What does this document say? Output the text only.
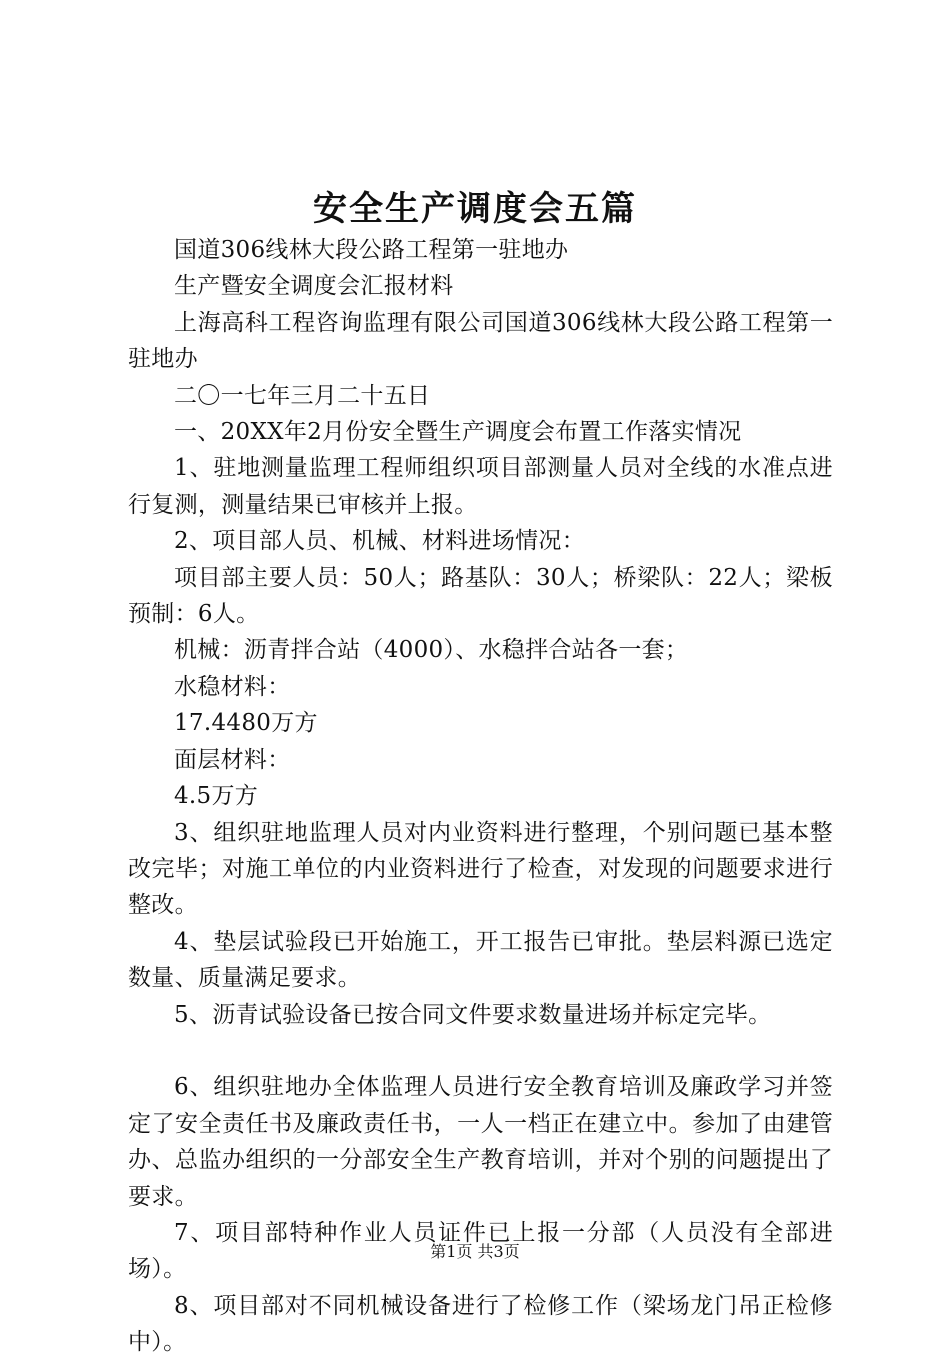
安全生产调度会五篇

国道306线林大段公路工程第一驻地办

生产暨安全调度会汇报材料

上海高科工程咨询监理有限公司国道306线林大段公路工程第一驻地办

二〇一七年三月二十五日

一、20XX年2月份安全暨生产调度会布置工作落实情况

1、驻地测量监理工程师组织项目部测量人员对全线的水准点进行复测，测量结果已审核并上报。

2、项目部人员、机械、材料进场情况：

项目部主要人员：50人；路基队：30人；桥梁队：22人；梁板预制：6人。

机械：沥青拌合站（4000）、水稳拌合站各一套；

水稳材料：

17.4480万方

面层材料：

4.5万方

3、组织驻地监理人员对内业资料进行整理，个别问题已基本整改完毕；对施工单位的内业资料进行了检查，对发现的问题要求进行整改。

4、垫层试验段已开始施工，开工报告已审批。垫层料源已选定数量、质量满足要求。

5、沥青试验设备已按合同文件要求数量进场并标定完毕。

6、组织驻地办全体监理人员进行安全教育培训及廉政学习并签定了安全责任书及廉政责任书，一人一档正在建立中。参加了由建管办、总监办组织的一分部安全生产教育培训，并对个别的问题提出了要求。

7、项目部特种作业人员证件已上报一分部（人员没有全部进场）。

8、项目部对不同机械设备进行了检修工作（梁场龙门吊正检修中）。

第1页 共3页
